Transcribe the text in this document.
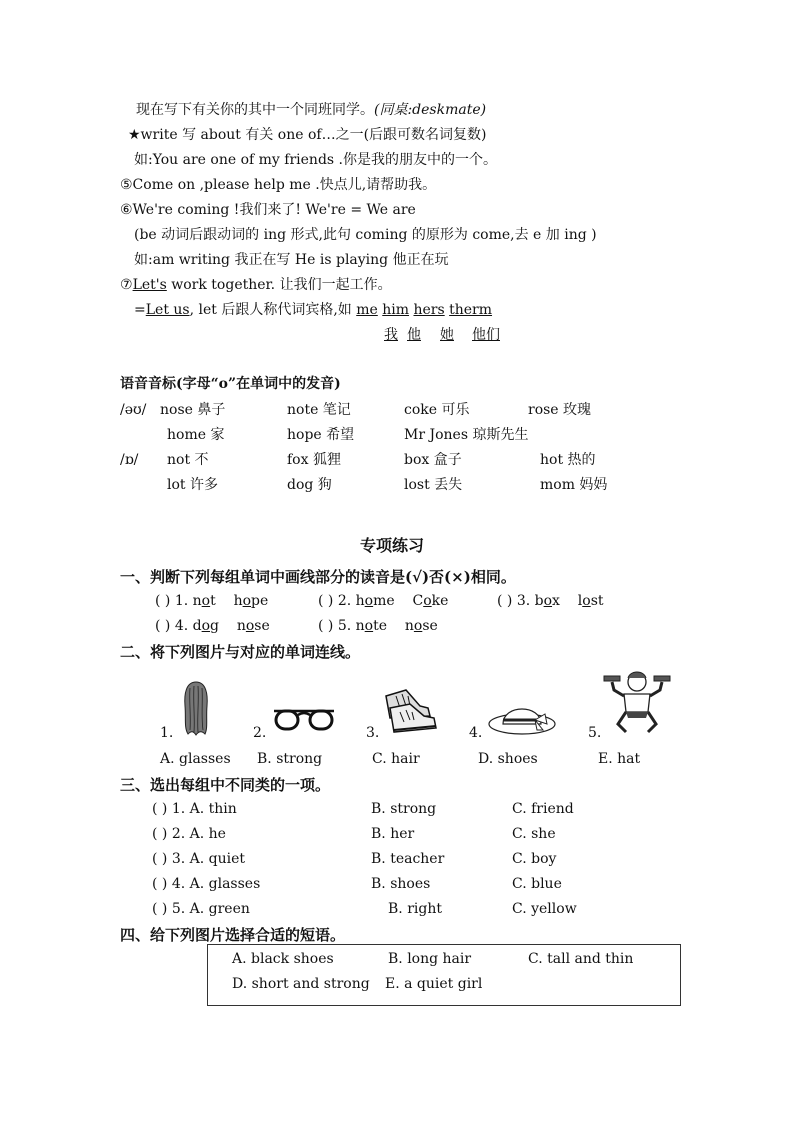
现在写下有关你的其中一个同班同学。(同桌:deskmate)
★write 写 about 有关 one of…之一(后跟可数名词复数)
如:You are one of my friends .你是我的朋友中的一个。
⑤Come on ,please help me .快点儿,请帮助我。
⑥We're coming !我们来了! We're = We are
(be 动词后跟动词的 ing 形式,此句 coming 的原形为 come,去 e 加 ing )
如:am writing 我正在写 He is playing 他正在玩
⑦Let's work together. 让我们一起工作。
=Let us, let 后跟人称代词宾格,如 me him hers therm
我 他 她 他们
语音音标(字母“o”在单词中的发音)
/əʊ/ nose 鼻子	note 笔记	coke 可乐	rose 玫瑰
home 家	hope 希望	Mr Jones 琼斯先生
/ɒ/ not 不	fox 狐狸	box 盒子	hot 热的
lot 许多	dog 狗	lost 丢失	mom 妈妈
专项练习
一、判断下列每组单词中画线部分的读音是(√)否(×)相同。
( ) 1. not hope	( ) 2. home Coke	( ) 3. box lost
( ) 4. dog nose	( ) 5. note nose
二、将下列图片与对应的单词连线。
1.	2.	3.	4.	5.
A. glasses B. strong	C. hair	D. shoes	E. hat
三、选出每组中不同类的一项。
( ) 1. A. thin	B. strong	C. friend
( ) 2. A. he	B. her	C. she
( ) 3. A. quiet	B. teacher	C. boy
( ) 4. A. glasses	B. shoes	C. blue
( ) 5. A. green	B. right	C. yellow
四、给下列图片选择合适的短语。
A. black shoes	B. long hair	C. tall and thin
D. short and strong E. a quiet girl
